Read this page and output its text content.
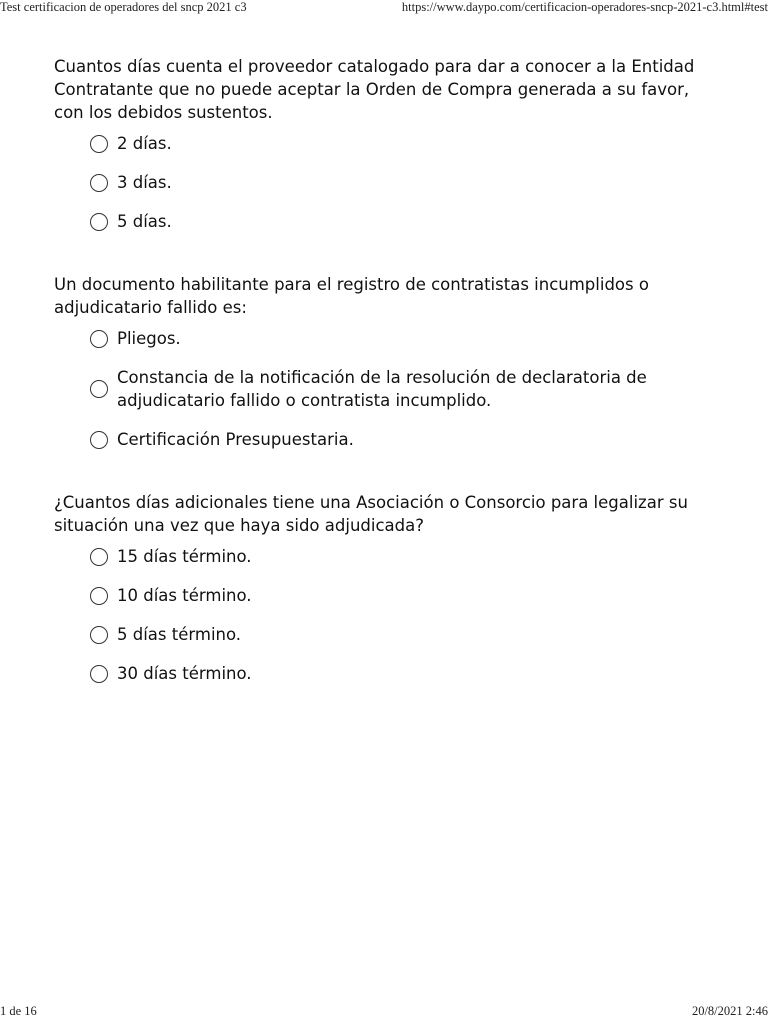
Test certificacion de operadores del sncp 2021 c3	https://www.daypo.com/certificacion-operadores-sncp-2021-c3.html#test

Cuantos días cuenta el proveedor catalogado para dar a conocer a la Entidad Contratante que no puede aceptar la Orden de Compra generada a su favor, con los debidos sustentos.

2 días.
3 días.
5 días.

Un documento habilitante para el registro de contratistas incumplidos o adjudicatario fallido es:

Pliegos.
Constancia de la notificación de la resolución de declaratoria de adjudicatario fallido o contratista incumplido.
Certificación Presupuestaria.

¿Cuantos días adicionales tiene una Asociación o Consorcio para legalizar su situación una vez que haya sido adjudicada?

15 días término.
10 días término.
5 días término.
30 días término.
1 de 16	20/8/2021 2:46
